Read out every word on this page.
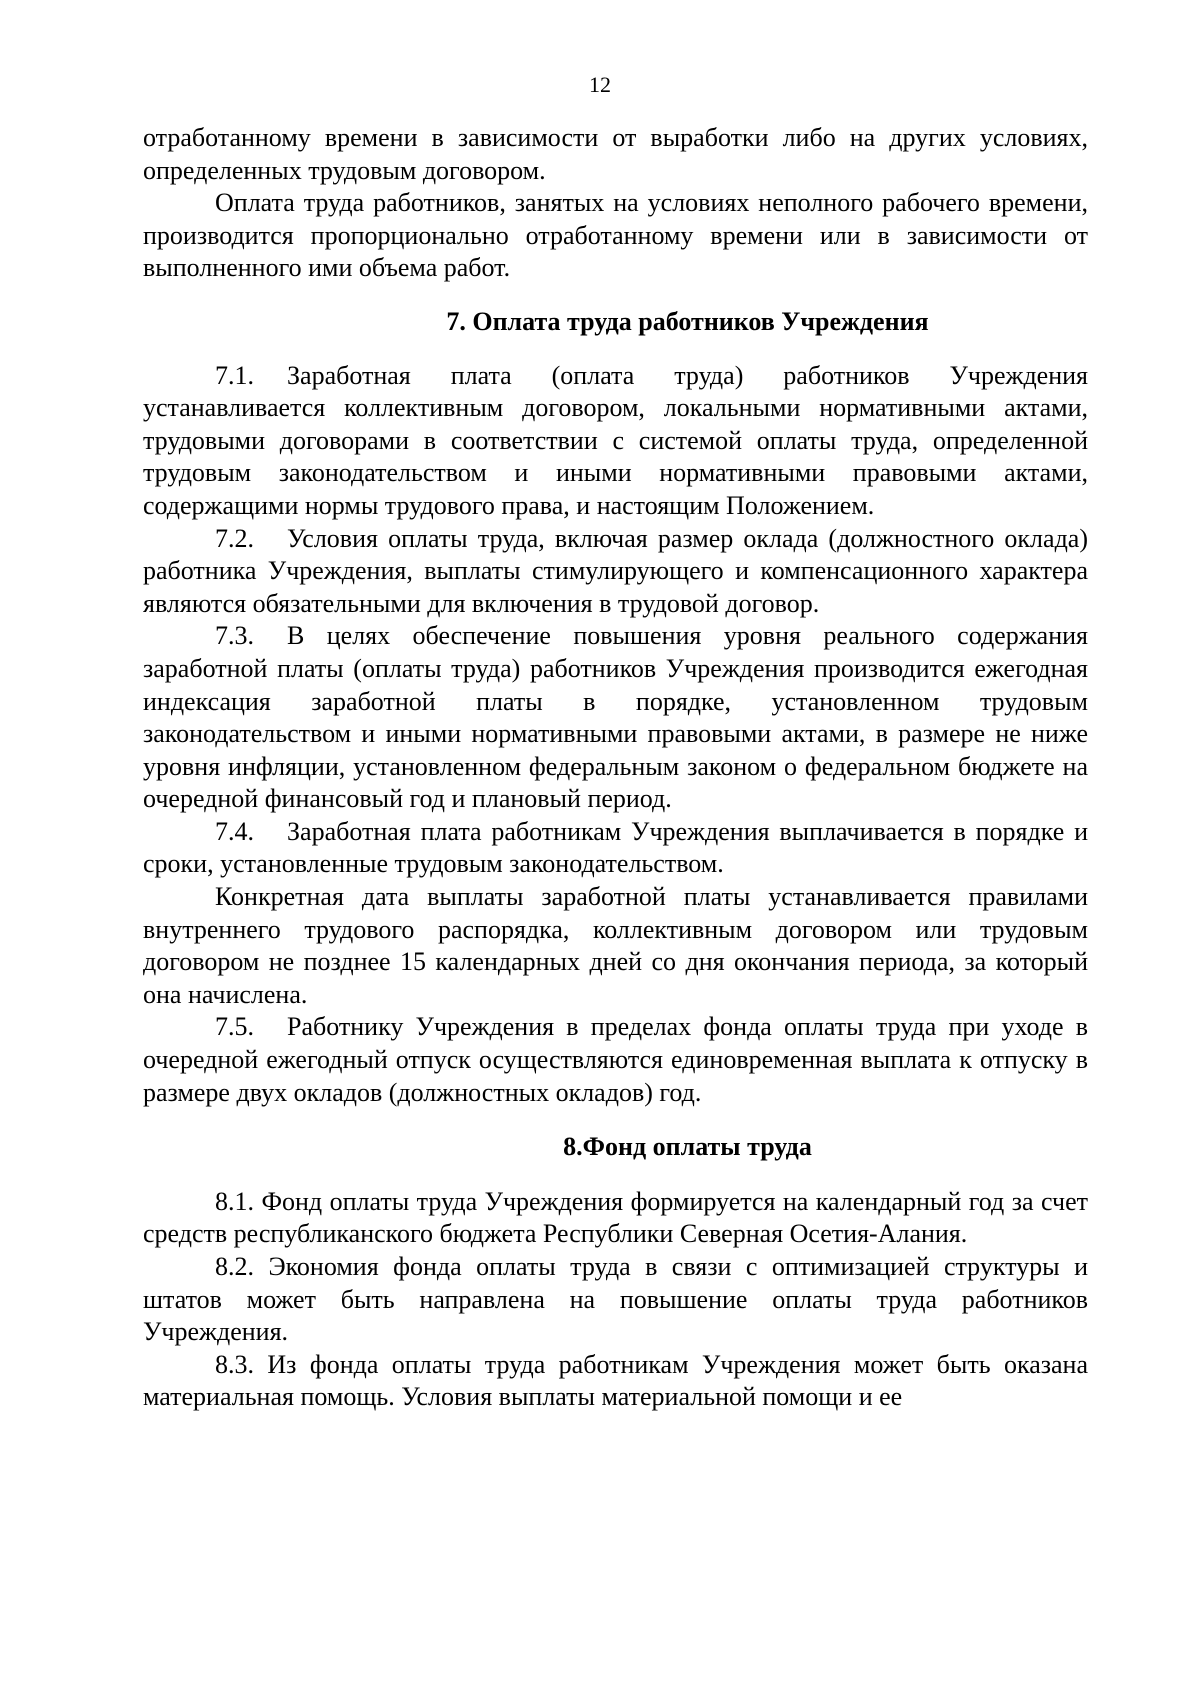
12

отработанному времени в зависимости от выработки либо на других условиях, определенных трудовым договором.

Оплата труда работников, занятых на условиях неполного рабочего времени, производится пропорционально отработанному времени или в зависимости от выполненного ими объема работ.

7. Оплата труда работников Учреждения

7.1. Заработная плата (оплата труда) работников Учреждения устанавливается коллективным договором, локальными нормативными актами, трудовыми договорами в соответствии с системой оплаты труда, определенной трудовым законодательством и иными нормативными правовыми актами, содержащими нормы трудового права, и настоящим Положением.

7.2. Условия оплаты труда, включая размер оклада (должностного оклада) работника Учреждения, выплаты стимулирующего и компенсационного характера являются обязательными для включения в трудовой договор.

7.3. В целях обеспечение повышения уровня реального содержания заработной платы (оплаты труда) работников Учреждения производится ежегодная индексация заработной платы в порядке, установленном трудовым законодательством и иными нормативными правовыми актами, в размере не ниже уровня инфляции, установленном федеральным законом о федеральном бюджете на очередной финансовый год и плановый период.

7.4. Заработная плата работникам Учреждения выплачивается в порядке и сроки, установленные трудовым законодательством.

Конкретная дата выплаты заработной платы устанавливается правилами внутреннего трудового распорядка, коллективным договором или трудовым договором не позднее 15 календарных дней со дня окончания периода, за который она начислена.

7.5. Работнику Учреждения в пределах фонда оплаты труда при уходе в очередной ежегодный отпуск осуществляются единовременная выплата к отпуску в размере двух окладов (должностных окладов) год.

8.Фонд оплаты труда

8.1. Фонд оплаты труда Учреждения формируется на календарный год за счет средств республиканского бюджета Республики Северная Осетия-Алания.

8.2. Экономия фонда оплаты труда в связи с оптимизацией структуры и штатов может быть направлена на повышение оплаты труда работников Учреждения.

8.3. Из фонда оплаты труда работникам Учреждения может быть оказана материальная помощь. Условия выплаты материальной помощи и ее
